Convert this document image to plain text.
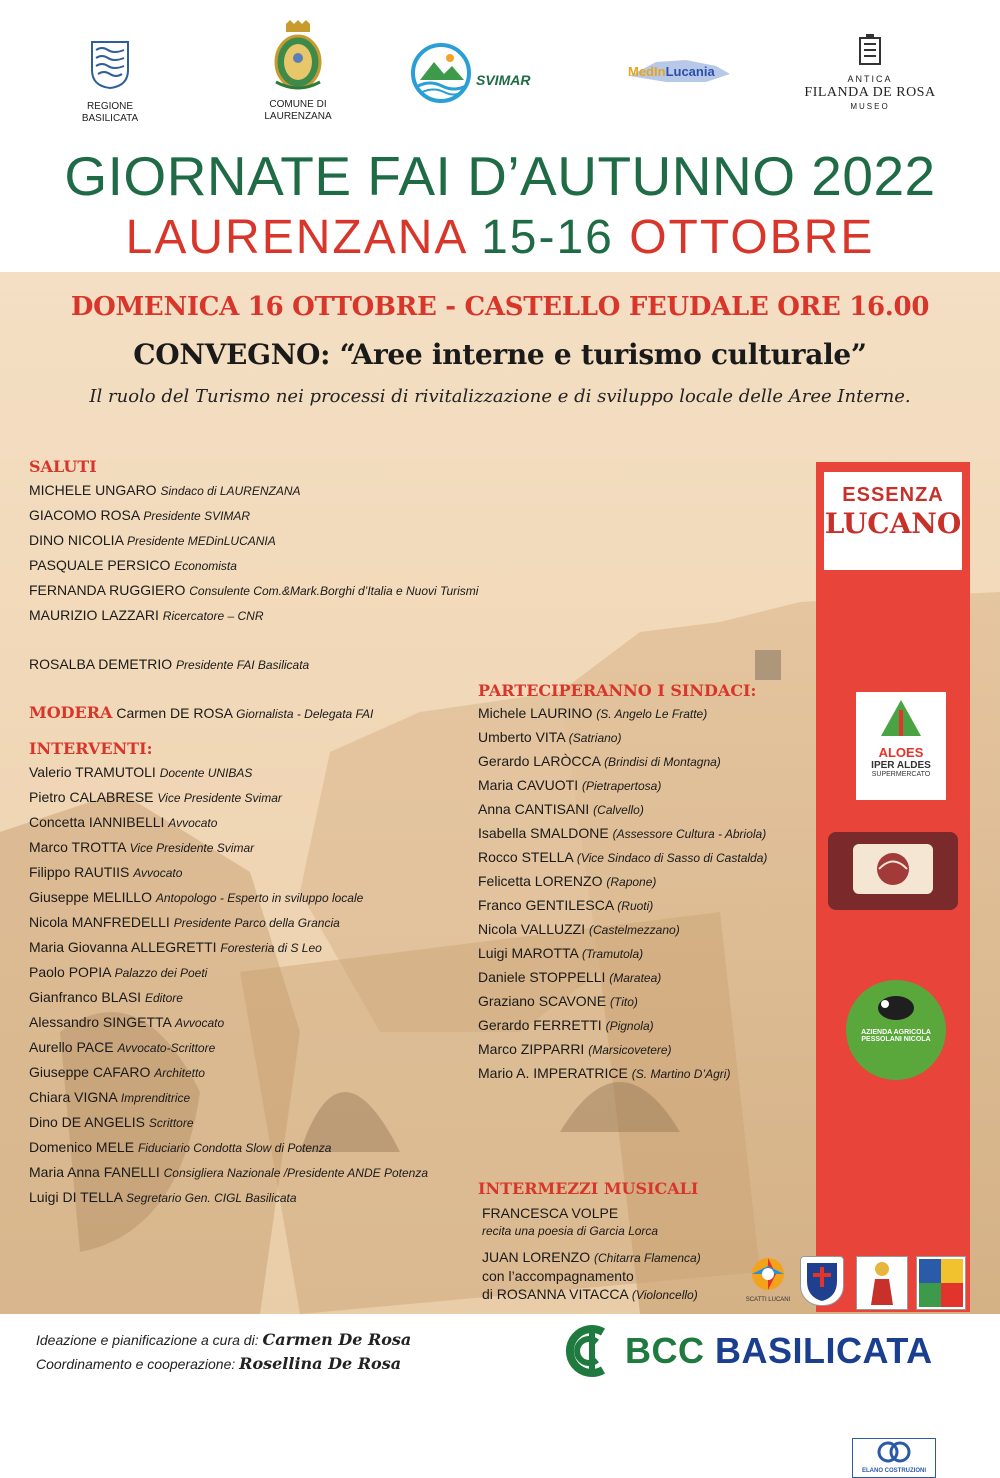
REGIONE BASILICATA
COMUNE DI
LAURENZANA
SVIMAR
MedInLucania	ANTICA
FILANDA DE ROSA
MUSEO
GIORNATE FAI D’AUTUNNO 2022
LAURENZANA 15-16 OTTOBRE
DOMENICA 16 OTTOBRE - CASTELLO FEUDALE ORE 16.00
CONVEGNO: “Aree interne e turismo culturale”
Il ruolo del Turismo nei processi di rivitalizzazione e di sviluppo locale delle Aree Interne.
SALUTI
MICHELE UNGARO Sindaco di LAURENZANA
GIACOMO ROSA Presidente SVIMAR
DINO NICOLIA Presidente MEDinLUCANIA
PASQUALE PERSICO Economista
FERNANDA RUGGIERO Consulente Com.&Mark.Borghi d’Italia e Nuovi Turismi
MAURIZIO LAZZARI Ricercatore – CNR
ROSALBA DEMETRIO Presidente FAI Basilicata
MODERA Carmen DE ROSA Giornalista - Delegata FAI
INTERVENTI:
Valerio TRAMUTOLI Docente UNIBAS
Pietro CALABRESE Vice Presidente Svimar
Concetta IANNIBELLI Avvocato
Marco TROTTA Vice Presidente Svimar
Filippo RAUTIIS Avvocato
Giuseppe MELILLO Antopologo - Esperto in sviluppo locale
Nicola MANFREDELLI Presidente Parco della Grancia
Maria Giovanna ALLEGRETTI Foresteria di S Leo
Paolo POPIA Palazzo dei Poeti
Gianfranco BLASI Editore
Alessandro SINGETTA Avvocato
Aurello PACE Avvocato-Scrittore
Giuseppe CAFARO Architetto
Chiara VIGNA Imprenditrice
Dino DE ANGELIS Scrittore
Domenico MELE Fiduciario Condotta Slow di Potenza
Maria Anna FANELLI Consigliera Nazionale /Presidente ANDE Potenza
Luigi DI TELLA Segretario Gen. CIGL Basilicata
PARTECIPERANNO I SINDACI:
Michele LAURINO (S. Angelo Le Fratte)
Umberto VITA (Satriano)
Gerardo LARÒCCA (Brindisi di Montagna)
Maria CAVUOTI (Pietrapertosa)
Anna CANTISANI (Calvello)
Isabella SMALDONE (Assessore Cultura - Abriola)
Rocco STELLA (Vice Sindaco di Sasso di Castalda)
Felicetta LORENZO (Rapone)
Franco GENTILESCA (Ruoti)
Nicola VALLUZZI (Castelmezzano)
Luigi MAROTTA (Tramutola)
Daniele STOPPELLI (Maratea)
Graziano SCAVONE (Tito)
Gerardo FERRETTI (Pignola)
Marco ZIPPARRI (Marsicovetere)
Mario A. IMPERATRICE (S. Martino D’Agri)
INTERMEZZI MUSICALI
FRANCESCA VOLPE
recita una poesia di Garcia Lorca
JUAN LORENZO (Chitarra Flamenca)
con l’accompagnamento
di ROSANNA VITACCA (Violoncello)
ESSENZA
LUCANO
ALOES
IPER ALDES
SUPERMERCATO
AZIENDA AGRICOLA
PESSOLANI NICOLA
ELANO COSTRUZIONI
SCATTI LUCANI
Ideazione e pianificazione a cura di: Carmen De Rosa
Coordinamento e cooperazione: Rosellina De Rosa	BCC BASILICATA
